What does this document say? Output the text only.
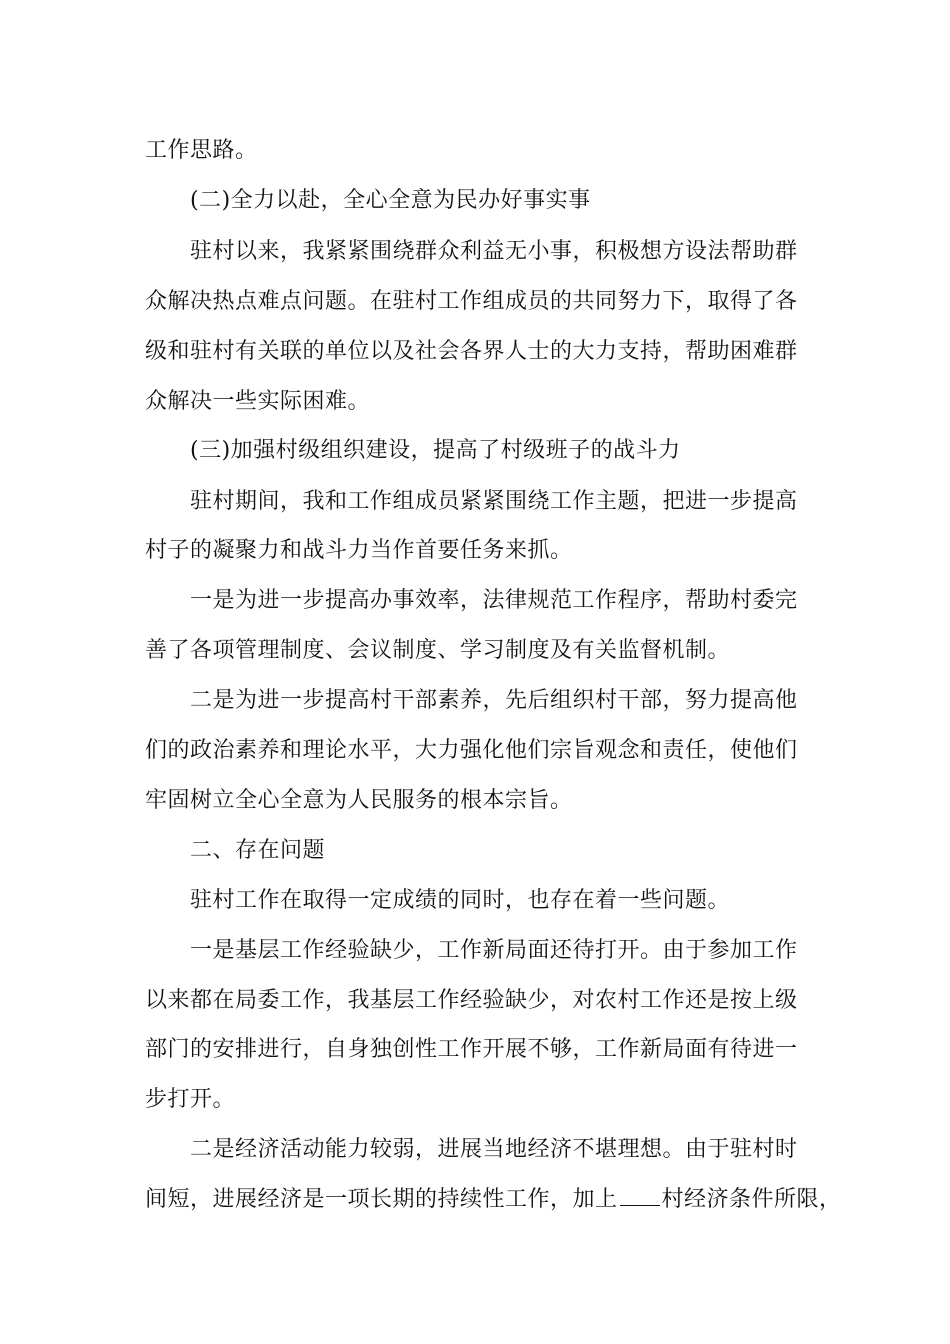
工作思路。
(二)全力以赴，全心全意为民办好事实事
驻村以来，我紧紧围绕群众利益无小事，积极想方设法帮助群
众解决热点难点问题。在驻村工作组成员的共同努力下，取得了各
级和驻村有关联的单位以及社会各界人士的大力支持，帮助困难群
众解决一些实际困难。
(三)加强村级组织建设，提高了村级班子的战斗力
驻村期间，我和工作组成员紧紧围绕工作主题，把进一步提高
村子的凝聚力和战斗力当作首要任务来抓。
一是为进一步提高办事效率，法律规范工作程序，帮助村委完
善了各项管理制度、会议制度、学习制度及有关监督机制。
二是为进一步提高村干部素养，先后组织村干部，努力提高他
们的政治素养和理论水平，大力强化他们宗旨观念和责任，使他们
牢固树立全心全意为人民服务的根本宗旨。
二、存在问题
驻村工作在取得一定成绩的同时，也存在着一些问题。
一是基层工作经验缺少，工作新局面还待打开。由于参加工作
以来都在局委工作，我基层工作经验缺少，对农村工作还是按上级
部门的安排进行，自身独创性工作开展不够，工作新局面有待进一
步打开。
二是经济活动能力较弱，进展当地经济不堪理想。由于驻村时
间短，进展经济是一项长期的持续性工作，加上 村经济条件所限，
